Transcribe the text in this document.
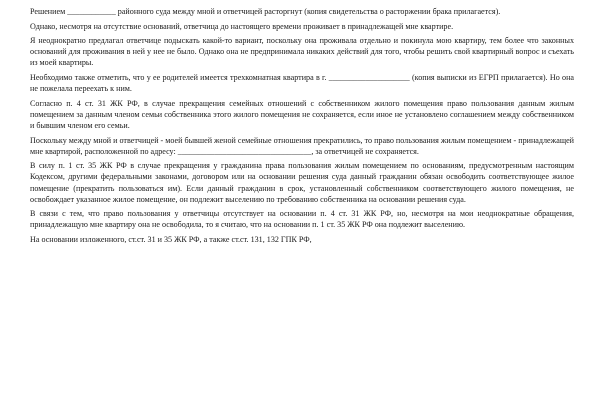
Решением ____________ районного суда между мной и ответчицей расторгнут (копия свидетельства о расторжении брака прилагается).

Однако, несмотря на отсутствие оснований, ответчица до настоящего времени проживает в принадлежащей мне квартире.

Я неоднократно предлагал ответчице подыскать какой-то вариант, поскольку она проживала отдельно и покинула мою квартиру, тем более что законных оснований для проживания в ней у нее не было. Однако она не предпринимала никаких действий для того, чтобы решить свой квартирный вопрос и съехать из моей квартиры.

Необходимо также отметить, что у ее родителей имеется трехкомнатная квартира в г. ____________________ (копия выписки из ЕГРП прилагается). Но она не пожелала переехать к ним.

Согласно п. 4 ст. 31 ЖК РФ, в случае прекращения семейных отношений с собственником жилого помещения право пользования данным жилым помещением за данным членом семьи собственника этого жилого помещения не сохраняется, если иное не установлено соглашением между собственником и бывшим членом его семьи.

Поскольку между мной и ответчицей - моей бывшей женой семейные отношения прекратились, то право пользования жилым помещением - принадлежащей мне квартирой, расположенной по адресу: _________________________________, за ответчицей не сохраняется.

В силу п. 1 ст. 35 ЖК РФ в случае прекращения у гражданина права пользования жилым помещением по основаниям, предусмотренным настоящим Кодексом, другими федеральными законами, договором или на основании решения суда данный гражданин обязан освободить соответствующее жилое помещение (прекратить пользоваться им). Если данный гражданин в срок, установленный собственником соответствующего жилого помещения, не освобождает указанное жилое помещение, он подлежит выселению по требованию собственника на основании решения суда.

В связи с тем, что право пользования у ответчицы отсутствует на основании п. 4 ст. 31 ЖК РФ, но, несмотря на мои неоднократные обращения, принадлежащую мне квартиру она не освободила, то я считаю, что на основании п. 1 ст. 35 ЖК РФ она подлежит выселению.

На основании изложенного, ст.ст. 31 и 35 ЖК РФ, а также ст.ст. 131, 132 ГПК РФ,
